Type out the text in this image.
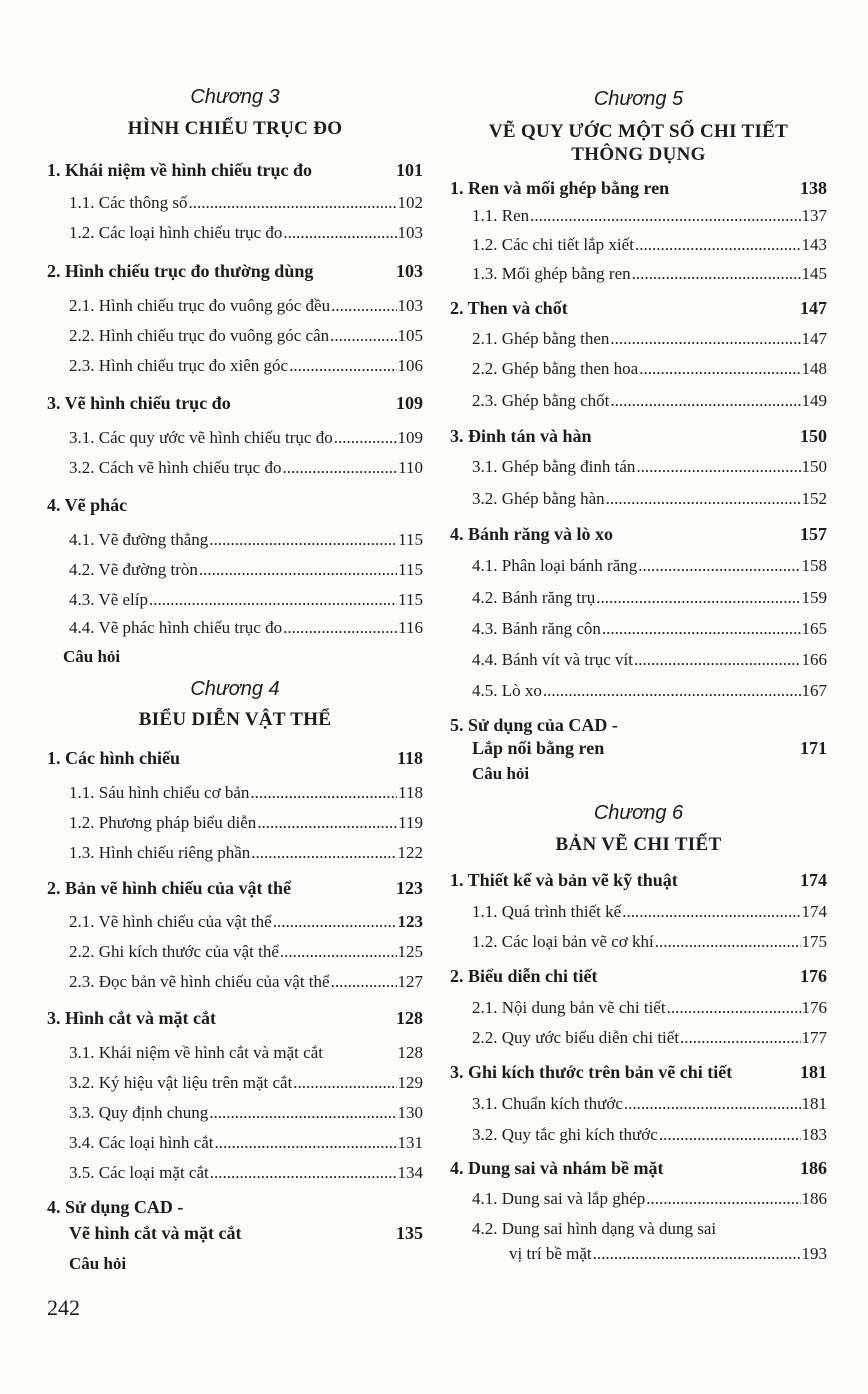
Chương 3
HÌNH CHIẾU TRỤC ĐO
1. Khái niệm về hình chiếu trục đo	101
1.1. Các thông số .....	102
1.2. Các loại hình chiếu trục đo .....	103
2. Hình chiếu trục đo thường dùng	103
2.1. Hình chiếu trục đo vuông góc đều .....	103
2.2. Hình chiếu trục đo vuông góc cân .....	105
2.3. Hình chiếu trục đo xiên góc .....	106
3. Vẽ hình chiếu trục đo	109
3.1. Các quy ước vẽ hình chiếu trục đo .....	109
3.2. Cách vẽ hình chiếu trục đo .....	110
4. Vẽ phác
4.1. Vẽ đường thẳng .....	115
4.2. Vẽ đường tròn .....	115
4.3. Vẽ elíp .....	115
4.4. Vẽ phác hình chiếu trục đo .....	116
Câu hỏi
Chương 4
BIỂU DIỄN VẬT THỂ
1. Các hình chiếu	118
1.1. Sáu hình chiếu cơ bản .....	118
1.2. Phương pháp biểu diễn .....	119
1.3. Hình chiếu riêng phần .....	122
2. Bản vẽ hình chiếu của vật thể	123
2.1. Vẽ hình chiếu của vật thể .....	123
2.2. Ghi kích thước của vật thể .....	125
2.3. Đọc bản vẽ hình chiếu của vật thể .....	127
3. Hình cắt và mặt cắt	128
3.1. Khái niệm về hình cắt và mặt cắt	128
3.2. Ký hiệu vật liệu trên mặt cắt .....	129
3.3. Quy định chung .....	130
3.4. Các loại hình cắt .....	131
3.5. Các loại mặt cắt .....	134
4. Sử dụng CAD -
Vẽ hình cắt và mặt cắt	135
Câu hỏi
Chương 5
VẼ QUY ƯỚC MỘT SỐ CHI TIẾT
THÔNG DỤNG
1. Ren và mối ghép bằng ren	138
1.1. Ren .....	137
1.2. Các chi tiết lắp xiết .....	143
1.3. Mối ghép bằng ren .....	145
2. Then và chốt	147
2.1. Ghép bằng then .....	147
2.2. Ghép bằng then hoa .....	148
2.3. Ghép bằng chốt .....	149
3. Đinh tán và hàn	150
3.1. Ghép bằng đinh tán .....	150
3.2. Ghép bằng hàn .....	152
4. Bánh răng và lò xo	157
4.1. Phân loại bánh răng .....	158
4.2. Bánh răng trụ .....	159
4.3. Bánh răng côn .....	165
4.4. Bánh vít và trục vít .....	166
4.5. Lò xo .....	167
5. Sử dụng của CAD -
Lắp nối bằng ren	171
Câu hỏi
Chương 6
BẢN VẼ CHI TIẾT
1. Thiết kế và bản vẽ kỹ thuật	174
1.1. Quá trình thiết kế .....	174
1.2. Các loại bản vẽ cơ khí .....	175
2. Biểu diễn chi tiết	176
2.1. Nội dung bản vẽ chi tiết .....	176
2.2. Quy ước biểu diễn chi tiết .....	177
3. Ghi kích thước trên bản vẽ chi tiết	181
3.1. Chuẩn kích thước .....	181
3.2. Quy tắc ghi kích thước .....	183
4. Dung sai và nhám bề mặt	186
4.1. Dung sai và lắp ghép .....	186
4.2. Dung sai hình dạng và dung sai
vị trí bề mặt .....	193
242
